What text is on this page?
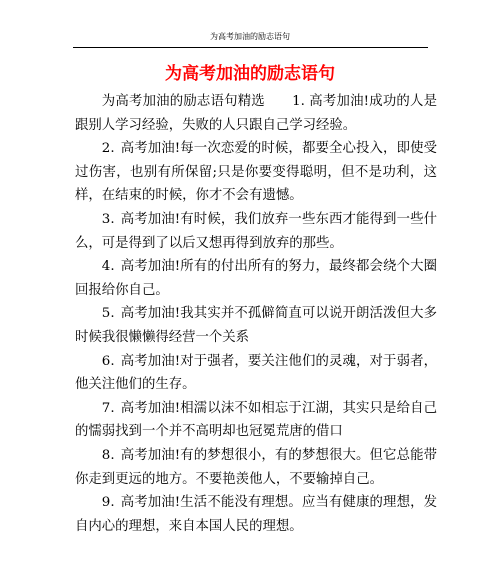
为高考加油的励志语句
为高考加油的励志语句

为高考加油的励志语句精选　　1. 高考加油!成功的人是跟别人学习经验，失败的人只跟自己学习经验。

2. 高考加油!每一次恋爱的时候，都要全心投入，即使受过伤害，也别有所保留;只是你要变得聪明，但不是功利，这样，在结束的时候，你才不会有遗憾。

3. 高考加油!有时候，我们放弃一些东西才能得到一些什么，可是得到了以后又想再得到放弃的那些。

4. 高考加油!所有的付出所有的努力，最终都会绕个大圈回报给你自己。

5. 高考加油!我其实并不孤僻简直可以说开朗活泼但大多时候我很懒懒得经营一个关系

6. 高考加油!对于强者，要关注他们的灵魂，对于弱者，他关注他们的生存。

7. 高考加油!相濡以沫不如相忘于江湖，其实只是给自己的懦弱找到一个并不高明却也冠冕荒唐的借口

8. 高考加油!有的梦想很小，有的梦想很大。但它总能带你走到更远的地方。不要艳羡他人，不要输掉自己。

9. 高考加油!生活不能没有理想。应当有健康的理想，发自内心的理想，来自本国人民的理想。
